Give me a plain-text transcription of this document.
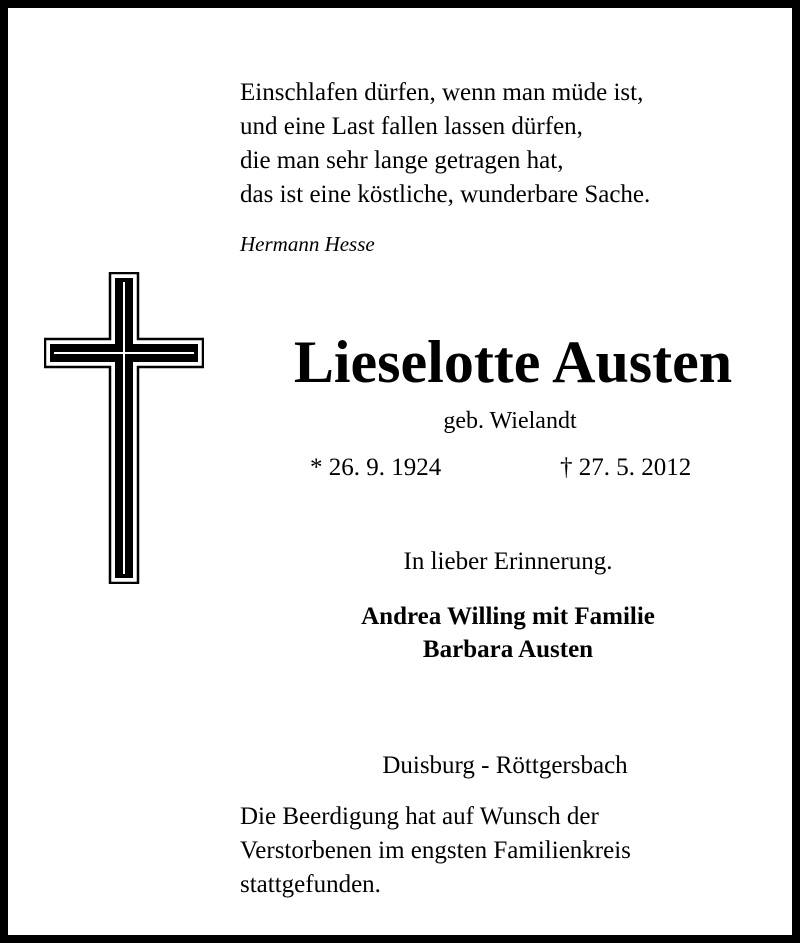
Einschlafen dürfen, wenn man müde ist,
und eine Last fallen lassen dürfen,
die man sehr lange getragen hat,
das ist eine köstliche, wunderbare Sache.
Hermann Hesse
Lieselotte Austen
geb. Wielandt
* 26. 9. 1924	† 27. 5. 2012
In lieber Erinnerung.
Andrea Willing mit Familie
Barbara Austen
Duisburg - Röttgersbach
Die Beerdigung hat auf Wunsch der
Verstorbenen im engsten Familienkreis
stattgefunden.
